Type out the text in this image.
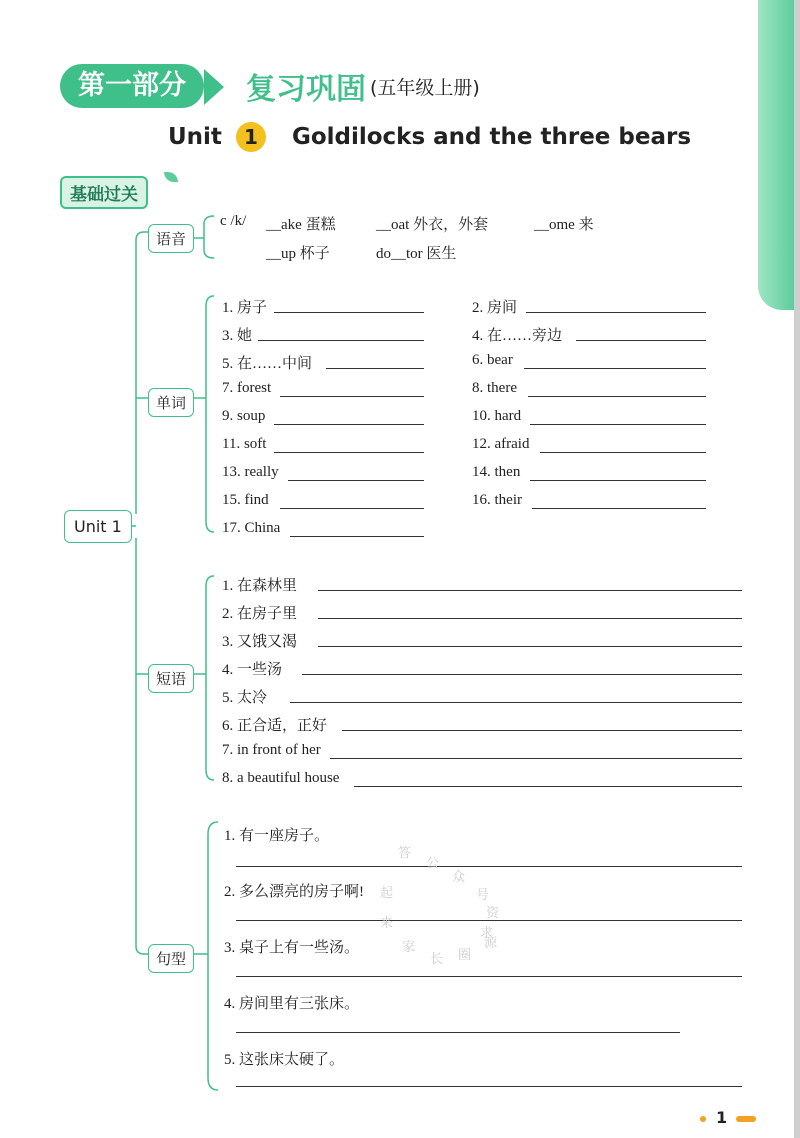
第一部分	复习巩固 (五年级上册)
Unit	1	Goldilocks and the three bears
基础过关
Unit 1
语音
单词
短语
句型
c /k/ __ake 蛋糕	__oat 外衣，外套	__ome 来
__up 杯子	do__tor 医生
1. 房子	2. 房间
3. 她	4. 在……旁边
5. 在……中间	6. bear
7. forest	8. there
9. soup	10. hard
11. soft	12. afraid
13. really	14. then
15. find	16. their
17. China
1. 在森林里
2. 在房子里
3. 又饿又渴
4. 一些汤
5. 太冷
6. 正合适，正好
7. in front of her
8. a beautiful house
1. 有一座房子。
2. 多么漂亮的房子啊!
3. 桌子上有一些汤。
4. 房间里有三张床。
5. 这张床太硬了。
答
公
众
号
起
来
家
长 圈
求
资
源
1
